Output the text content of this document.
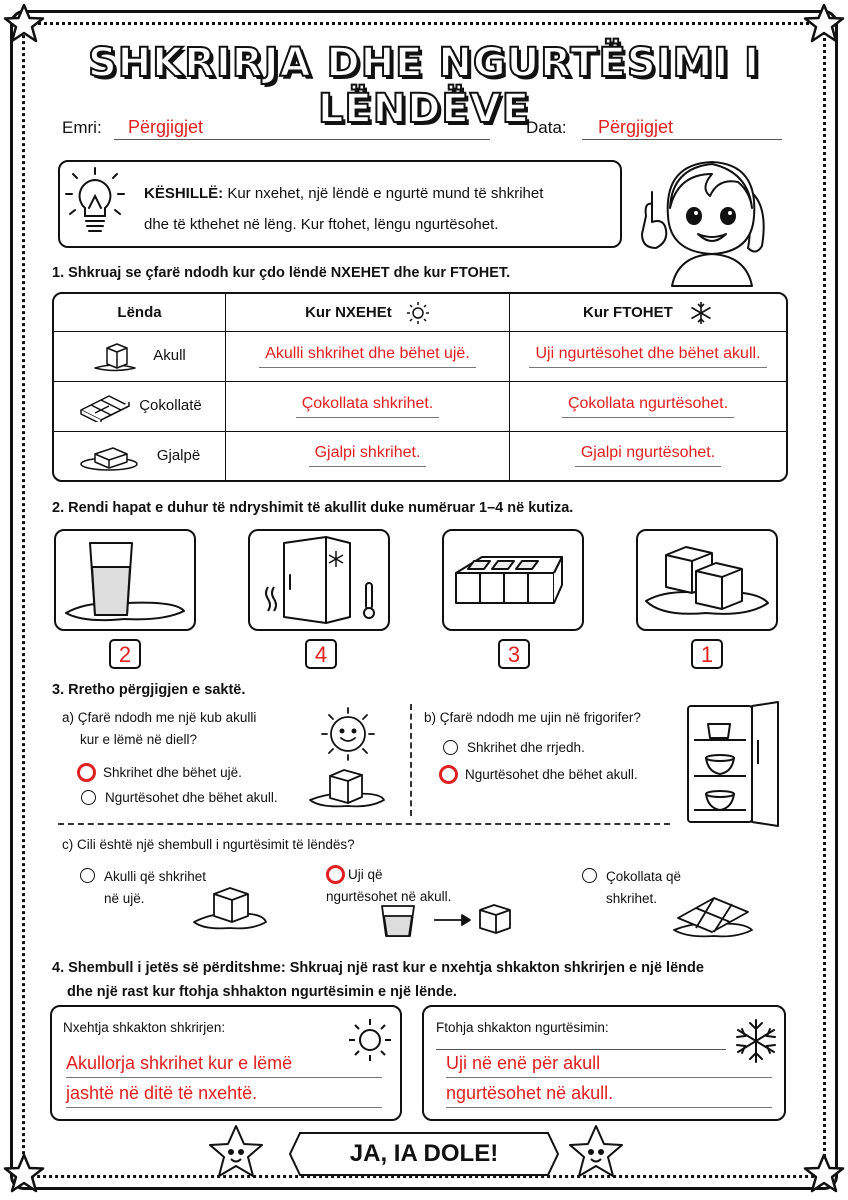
SHKRIRJA DHE NGURTËSIMI I LËNDËVE
Emri: Përgjigjet	Data: Përgjigjet
KËSHILLË: Kur nxehet, një lëndë e ngurtë mund të shkrihet
dhe të kthehet në lëng. Kur ftohet, lëngu ngurtësohet.
1. Shkruaj se çfarë ndodh kur çdo lëndë NXEHET dhe kur FTOHET.
Lënda	Kur NXEHEt	Kur FTOHET
Akull	Akulli shkrihet dhe bëhet ujë.	Uji ngurtësohet dhe bëhet akull.
Çokollatë	Çokollata shkrihet.	Çokollata ngurtësohet.
Gjalpë	Gjalpi shkrihet.	Gjalpi ngurtësohet.
2. Rendi hapat e duhur të ndryshimit të akullit duke numëruar 1–4 në kutiza.
2	4	3	1
3. Rretho përgjigjen e saktë.
a) Çfarë ndodh me një kub akulli
kur e lëmë në diell?
Shkrihet dhe bëhet ujë.
Ngurtësohet dhe bëhet akull.
b) Çfarë ndodh me ujin në frigorifer?
Shkrihet dhe rrjedh.
Ngurtësohet dhe bëhet akull.
c) Cili është një shembull i ngurtësimit të lëndës?
Akulli që shkrihet
në ujë.
Uji që
ngurtësohet në akull.
Çokollata që
shkrihet.
4. Shembull i jetës së përditshme: Shkruaj një rast kur e nxehtja shkakton shkrirjen e një lënde
dhe një rast kur ftohja shhakton ngurtësimin e një lënde.
Nxehtja shkakton shkrirjen:
Akullorja shkrihet kur e lëmë
jashtë në ditë të nxehtë.
Ftohja shkakton ngurtësimin:
Uji në enë për akull
ngurtësohet në akull.
JA, IA DOLE!
